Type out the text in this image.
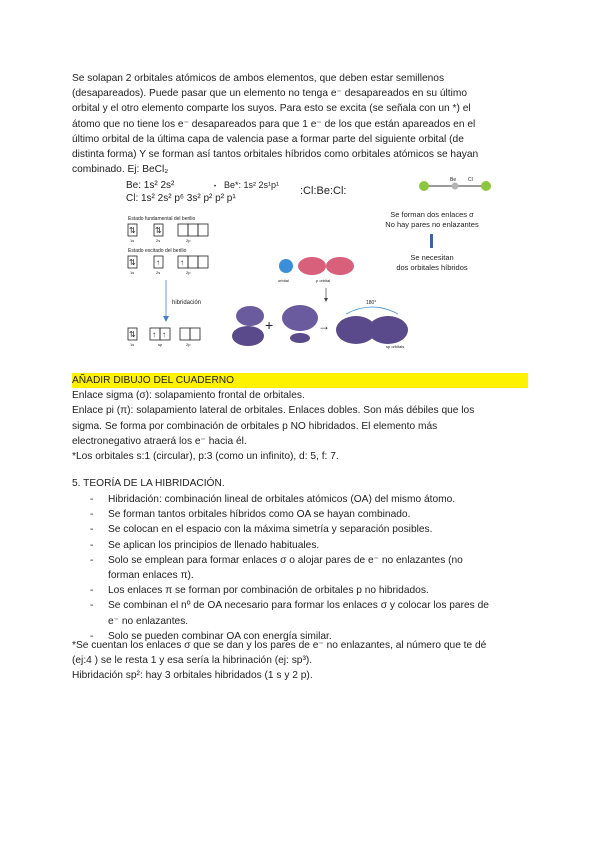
Se solapan 2 orbitales atómicos de ambos elementos, que deben estar semillenos
(desapareados). Puede pasar que un elemento no tenga e⁻ desapareados en su último
orbital y el otro elemento comparte los suyos. Para esto se excita (se señala con un *) el
átomo que no tiene los e⁻ desapareados para que 1 e⁻ de los que están apareados en el
último orbital de la última capa de valencia pase a formar parte del siguiente orbital (de
distinta forma) Y se forman así tantos orbitales híbridos como orbitales atómicos se hayan
combinado. Ej: BeCl₂
Be: 1s² 2s²
Cl: 1s² 2s² p⁶ 3s² p² p² p¹
• Be*: 1s² 2s¹p¹ :Cl:Be:Cl:
Be Cl
Estado fundamental del berilio
⇅ ⇅
1s	2s	2p
Estado excitado del berilio
⇅	↑	↑
1s	2s	2p
hibridación
⇅ ↑ ↑
1s	sp	2p
orbital	p orbital
+	→
180°
sp orbitals
Se forman dos enlaces σ
No hay pares no enlazantes
Se necesitan
dos orbitales híbridos
AÑADIR DIBUJO DEL CUADERNO
Enlace sigma (σ): solapamiento frontal de orbitales.
Enlace pi (π): solapamiento lateral de orbitales. Enlaces dobles. Son más débiles que los
sigma. Se forma por combinación de orbitales p NO hibridados. El elemento más
electronegativo atraerá los e⁻ hacia él.
*Los orbitales s:1 (circular), p:3 (como un infinito), d: 5, f: 7.
5. TEORÍA DE LA HIBRIDACIÓN.
- Hibridación: combinación lineal de orbitales atómicos (OA) del mismo átomo.
- Se forman tantos orbitales híbridos como OA se hayan combinado.
- Se colocan en el espacio con la máxima simetría y separación posibles.
- Se aplican los principios de llenado habituales.
- Solo se emplean para formar enlaces σ o alojar pares de e⁻ no enlazantes (no
forman enlaces π).
- Los enlaces π se forman por combinación de orbitales p no hibridados.
- Se combinan el nº de OA necesario para formar los enlaces σ y colocar los pares de
e⁻ no enlazantes.
- Solo se pueden combinar OA con energía similar.
*Se cuentan los enlaces σ que se dan y los pares de e⁻ no enlazantes, al número que te dé
(ej:4 ) se le resta 1 y esa sería la hibrinación (ej: sp³).
Hibridación sp²: hay 3 orbitales hibridados (1 s y 2 p).
